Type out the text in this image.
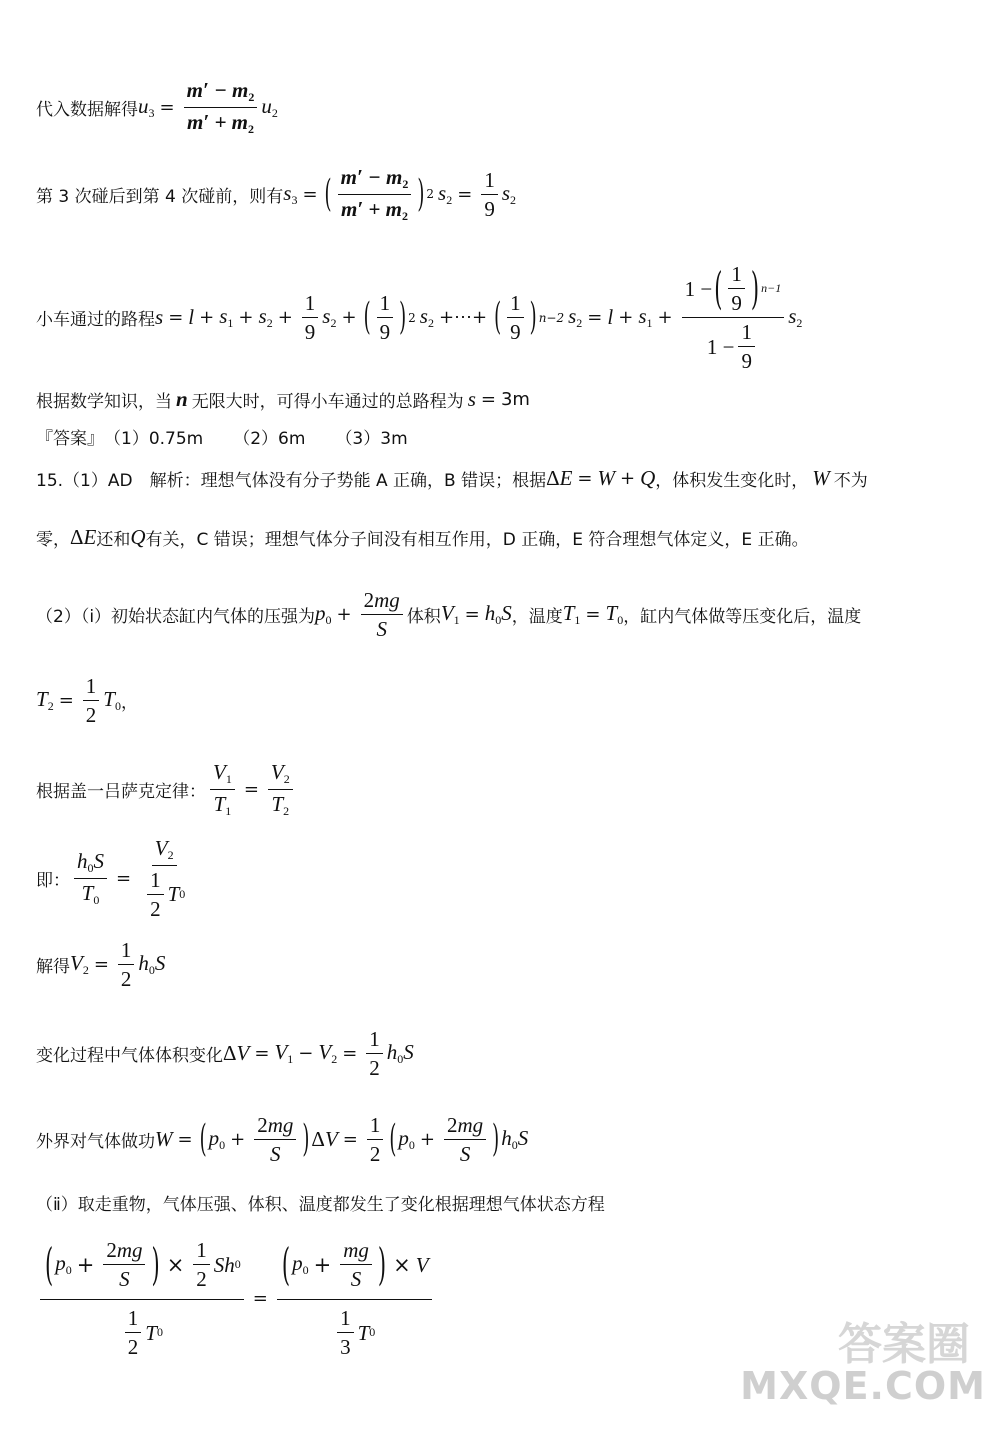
代入数据解得 $u_3 = \frac{m' - m_2}{m' + m_2} u_2$
第 3 次碰后到第 4 次碰前，则有 $s_3$ = ( $\frac{m' - m_2}{m' + m_2}$ ) 2 $s_2 = \frac{1}{9} s_2$
小车通过的路程 $s = l + s_1 + s_2 + \frac{1}{9} s_2$ + ( $\frac{1}{9}$ ) 2 $s_2$ +⋯+ ( $\frac{1}{9}$ ) n−2 $s_2 = l + s_1 + \frac{1 - ( \frac{1}{9} ) n-1}{1 - \frac{1}{9}} s_2$
根据数学知识，当 n 无限大时，可得小车通过的总路程为 s = 3m
『答案』 （1）0.75m （2）6m （3）3m
15.（1）AD　解析：理想气体没有分子势能 A 正确，B 错误；根据 ΔE = W + Q ，体积发生变化时， W 不为
零， ΔE 还和 Q 有关，C 错误；理想气体分子间没有相互作用，D 正确，E 符合理想气体定义，E 正确。
（2）（ⅰ）初始状态缸内气体的压强为 $p_0 + \frac{2mg}{S}$ 体积 $V_1 = h_0S$ ，温度 $T_1 = T_0$ ，缸内气体做等压变化后，温度
$T_2 = \frac{1}{2} T_0$ ，
根据盖一吕萨克定律： $\frac{V_1}{T_1} = \frac{V_2}{T_2}$
即： $\frac{h_0S}{T_0} = \frac{V_2}{\frac{1}{2} T 0}$
解得 $V_2 = \frac{1}{2} h_0S$
变化过程中气体体积变化 $\Delta V = V_1 - V_2 = \frac{1}{2} h_0S$
外界对气体做功 W = ( $p_0 + \frac{2mg}{S}$ ) $\Delta V = \frac{1}{2}$ ( $p_0 + \frac{2mg}{S}$ ) $h_0S$
（ⅱ）取走重物，气体压强、体积、温度都发生了变化根据理想气体状态方程
$\frac{( p_0 + \frac{2mg}{S} ) \times \frac{1}{2} Sh 0}{\frac{1}{2} T 0} = \frac{( p_0 + \frac{mg}{S} ) \times V}{\frac{1}{3} T 0}$	答案圈
MXQE.COM
